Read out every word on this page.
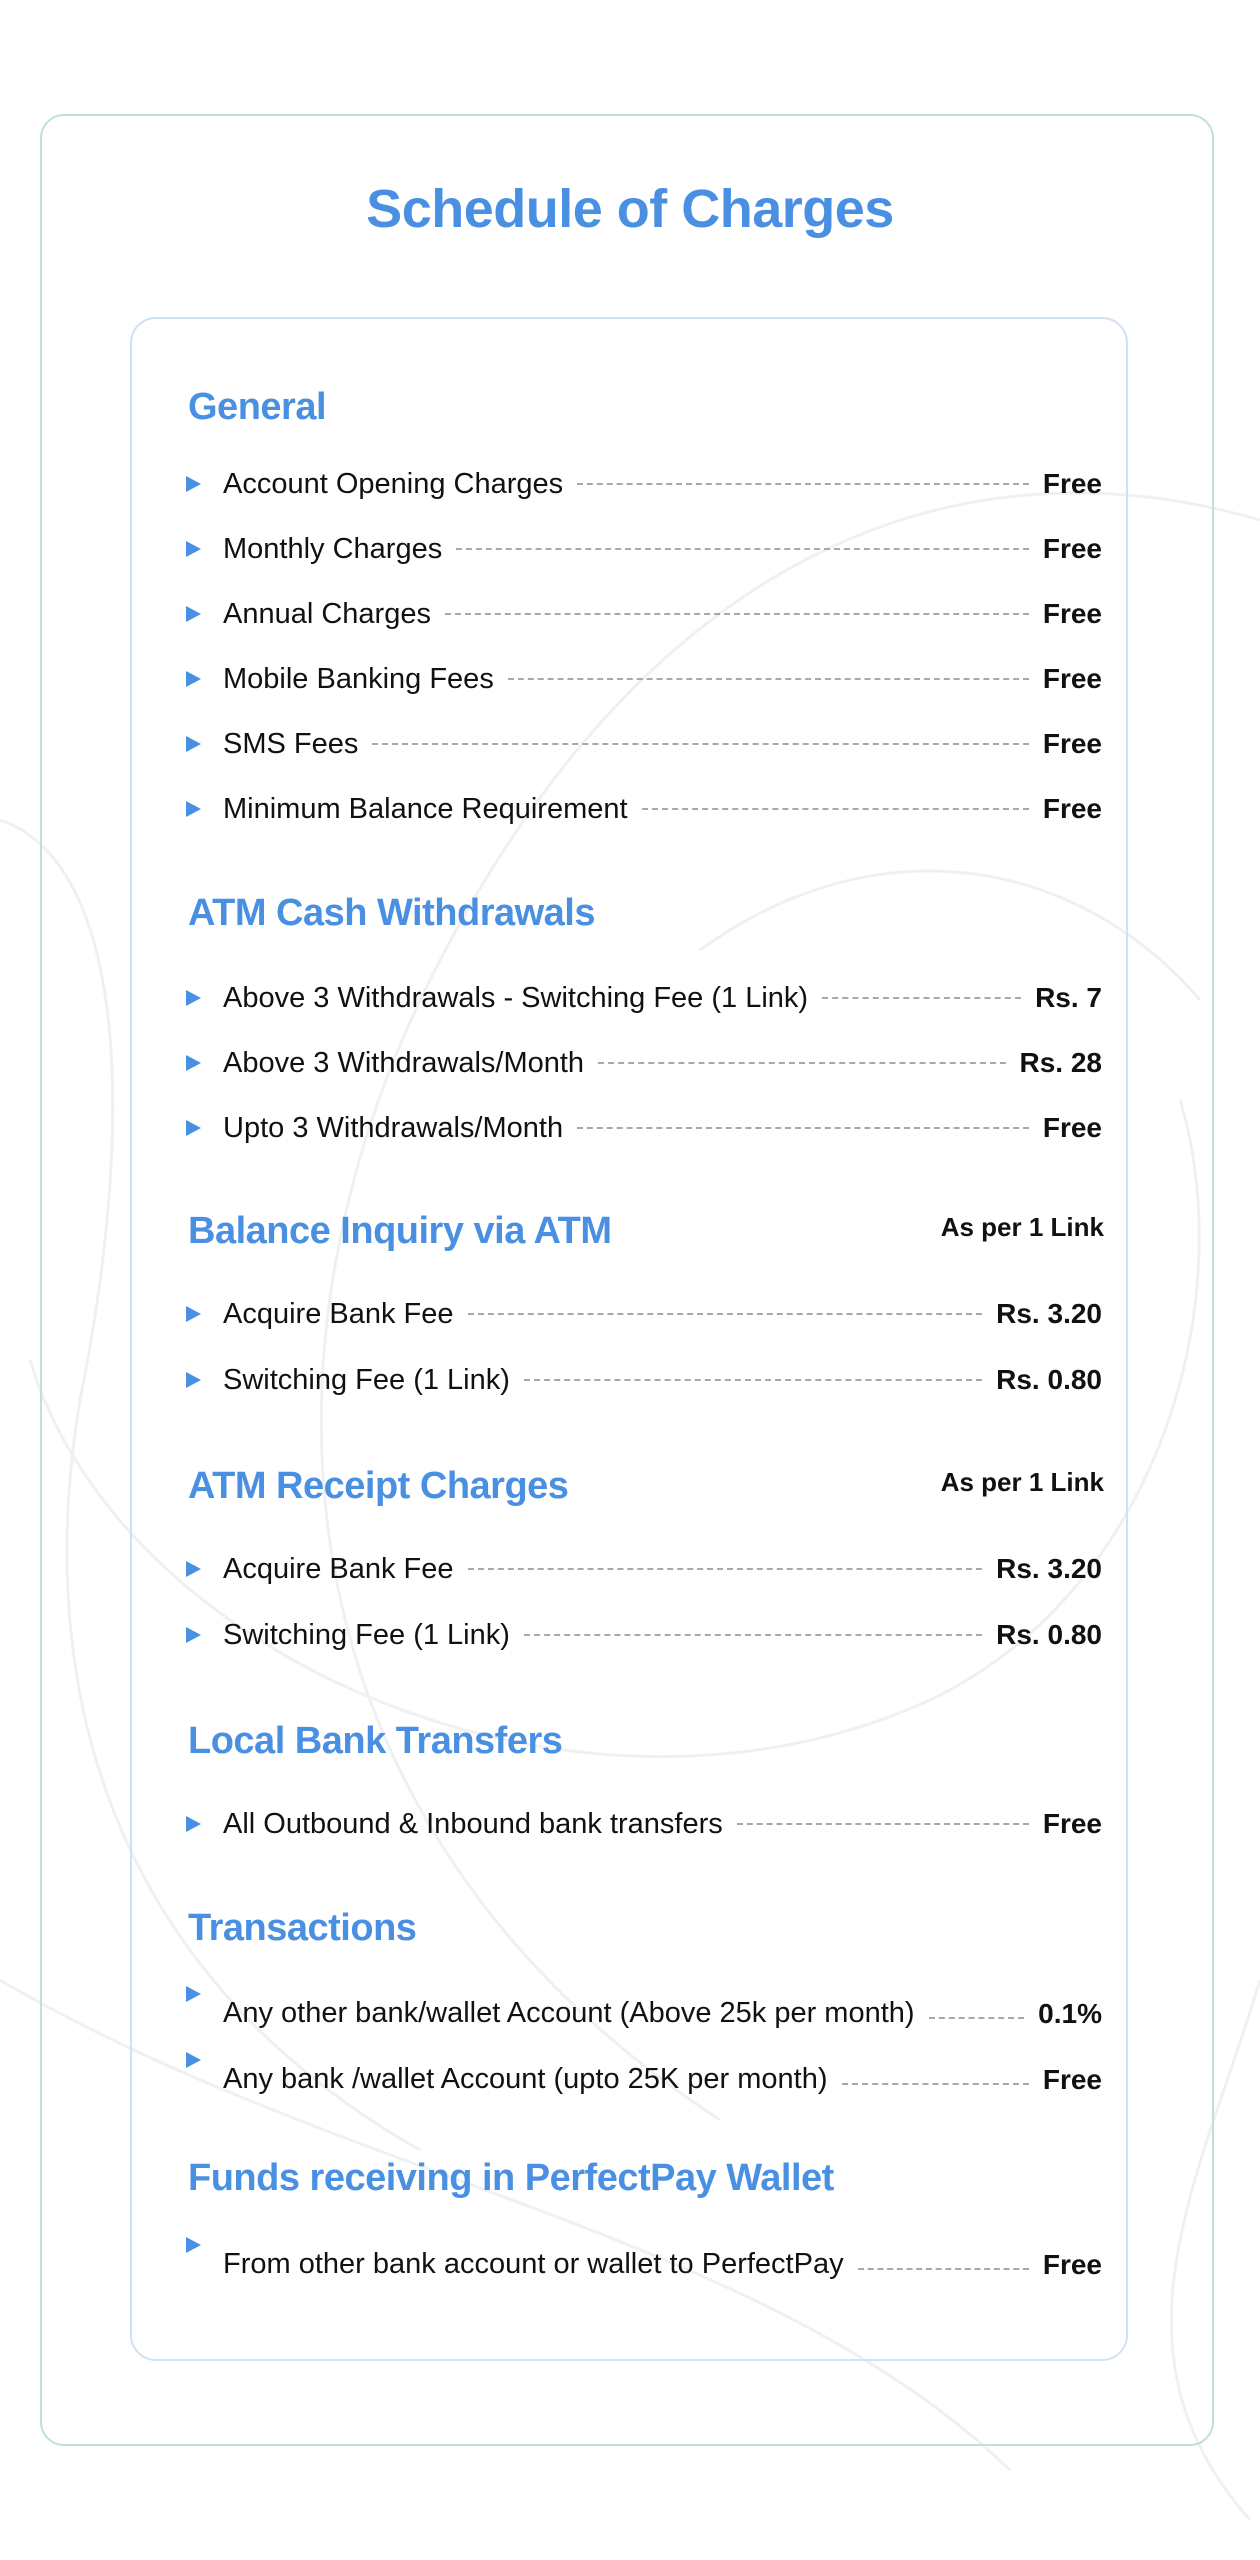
Schedule of Charges
General
Account Opening Charges	Free
Monthly Charges	Free
Annual Charges	Free
Mobile Banking Fees	Free
SMS Fees	Free
Minimum Balance Requirement	Free
ATM Cash Withdrawals
Above 3 Withdrawals - Switching Fee (1 Link)	Rs. 7
Above 3 Withdrawals/Month	Rs. 28
Upto 3 Withdrawals/Month	Free
Balance Inquiry via ATM	As per 1 Link
Acquire Bank Fee	Rs. 3.20
Switching Fee (1 Link)	Rs. 0.80
ATM Receipt Charges	As per 1 Link
Acquire Bank Fee	Rs. 3.20
Switching Fee (1 Link)	Rs. 0.80
Local Bank Transfers
All Outbound & Inbound bank transfers	Free
Transactions
Any other bank/wallet Account (Above 25k per month)	0.1%
Any bank /wallet Account (upto 25K per month)	Free
Funds receiving in PerfectPay Wallet
From other bank account or wallet to PerfectPay	Free
